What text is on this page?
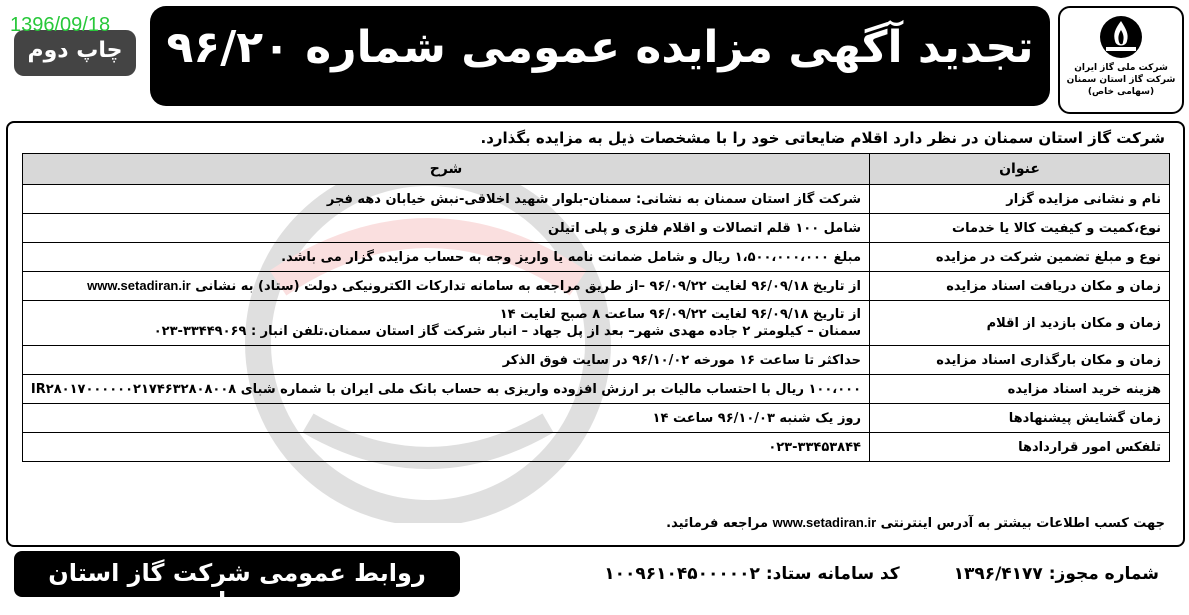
شرکت ملی گاز ایران
شرکت گاز استان سمنان
(سهامی خاص)
تجدید آگهی مزایده عمومی شماره ۹۶/۲۰
چاپ دوم
1396/09/18
شرکت گاز استان سمنان در نظر دارد اقلام ضایعاتی خود را با مشخصات ذیل به مزایده بگذارد.
عنوان	شرح
نام و نشانی مزایده گزار	شرکت گاز استان سمنان به نشانی: سمنان-بلوار شهید اخلاقی-نبش خیابان دهه فجر
نوع،کمیت و کیفیت کالا یا خدمات	شامل ۱۰۰ قلم اتصالات و اقلام فلزی و پلی اتیلن
نوع و مبلغ تضمین شرکت در مزایده	مبلغ ۱،۵۰۰،۰۰۰،۰۰۰ ریال و شامل ضمانت نامه یا واریز وجه به حساب مزایده گزار می باشد.
زمان و مکان دریافت اسناد مزایده	از تاریخ ۹۶/۰۹/۱۸ لغایت ۹۶/۰۹/۲۲ –از طریق مراجعه به سامانه تدارکات الکترونیکی دولت (ستاد) به نشانی www.setadiran.ir
زمان و مکان بازدید از اقلام	از تاریخ ۹۶/۰۹/۱۸ لغایت ۹۶/۰۹/۲۲ ساعت ۸ صبح لغایت ۱۴
سمنان – کیلومتر ۲ جاده مهدی شهر– بعد از پل جهاد – انبار شرکت گاز استان سمنان.تلفن انبار : ۳۳۴۴۹۰۶۹-۰۲۳

زمان و مکان بارگذاری اسناد مزایده	حداکثر تا ساعت ۱۶ مورخه ۹۶/۱۰/۰۲ در سایت فوق الذکر
هزینه خرید اسناد مزایده	۱۰۰،۰۰۰ ریال با احتساب مالیات بر ارزش افزوده واریزی به حساب بانک ملی ایران با شماره شبای IR۲۸۰۱۷۰۰۰۰۰۰۲۱۷۴۶۳۲۸۰۸۰۰۸
زمان گشایش پیشنهادها	روز یک شنبه ۹۶/۱۰/۰۳ ساعت ۱۴
تلفکس امور قراردادها	۰۲۳-۳۳۴۵۳۸۴۴
جهت کسب اطلاعات بیشتر به آدرس اینترنتی www.setadiran.ir مراجعه فرمائید.
روابط عمومی شرکت گاز استان سمنان
شماره مجوز: ۱۳۹۶/۴۱۷۷ کد سامانه ستاد: ۱۰۰۹۶۱۰۴۵۰۰۰۰۰۲
